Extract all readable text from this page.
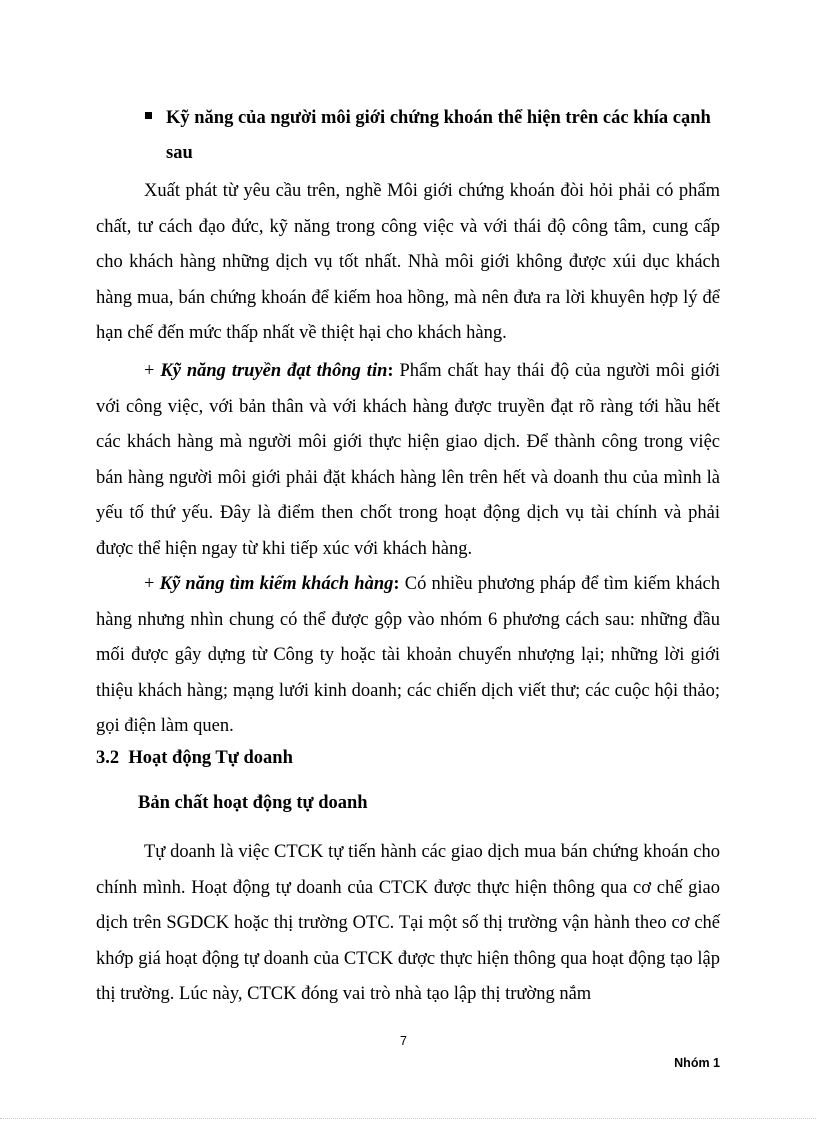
Kỹ năng của người môi giới chứng khoán thể hiện trên các khía cạnh sau

Xuất phát từ yêu cầu trên, nghề Môi giới chứng khoán đòi hỏi phải có phẩm chất, tư cách đạo đức, kỹ năng trong công việc và với thái độ công tâm, cung cấp cho khách hàng những dịch vụ tốt nhất. Nhà môi giới không được xúi dục khách hàng mua, bán chứng khoán để kiếm hoa hồng, mà nên đưa ra lời khuyên hợp lý để hạn chế đến mức thấp nhất về thiệt hại cho khách hàng.

+ Kỹ năng truyền đạt thông tin: Phẩm chất hay thái độ của người môi giới với công việc, với bản thân và với khách hàng được truyền đạt rõ ràng tới hầu hết các khách hàng mà người môi giới thực hiện giao dịch. Để thành công trong việc bán hàng người môi giới phải đặt khách hàng lên trên hết và doanh thu của mình là yếu tố thứ yếu. Đây là điểm then chốt trong hoạt động dịch vụ tài chính và phải được thể hiện ngay từ khi tiếp xúc với khách hàng.

+ Kỹ năng tìm kiếm khách hàng: Có nhiều phương pháp để tìm kiếm khách hàng nhưng nhìn chung có thể được gộp vào nhóm 6 phương cách sau: những đầu mối được gây dựng từ Công ty hoặc tài khoản chuyển nhượng lại; những lời giới thiệu khách hàng; mạng lưới kinh doanh; các chiến dịch viết thư; các cuộc hội thảo; gọi điện làm quen.

3.2  Hoạt động Tự doanh
Bản chất hoạt động tự doanh

Tự doanh là việc CTCK tự tiến hành các giao dịch mua bán chứng khoán cho chính mình. Hoạt động tự doanh của CTCK được thực hiện thông qua cơ chế giao dịch trên SGDCK hoặc thị trường OTC. Tại một số thị trường vận hành theo cơ chế khớp giá hoạt động tự doanh của CTCK được thực hiện thông qua hoạt động tạo lập thị trường. Lúc này, CTCK đóng vai trò nhà tạo lập thị trường nắm

7
Nhóm 1
